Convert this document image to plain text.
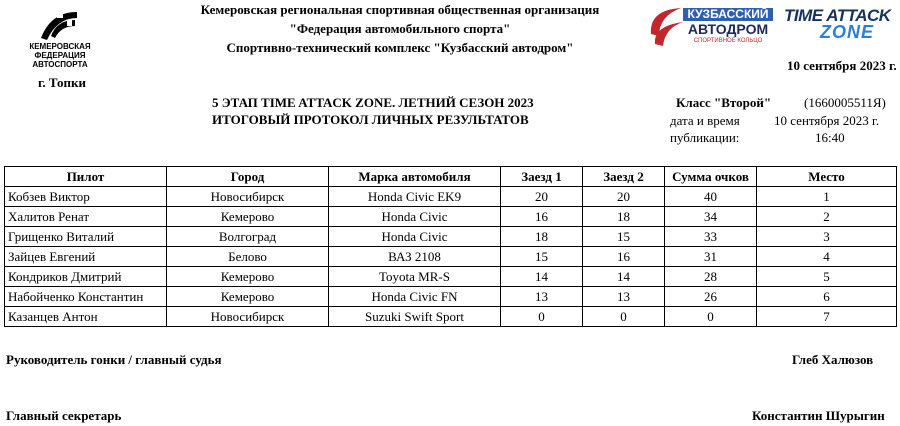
КЕМЕРОВСКАЯ
ФЕДЕРАЦИЯ АВТОСПОРТА
Кемеровская региональная спортивная общественная организация
"Федерация автомобильного спорта"
Спортивно-технический комплекс "Кузбасский автодром"
КУЗБАССКИЙ
АВТОДРОМ
СПОРТИВНОЕ КОЛЬЦО
TIME ATTACK
ZONE
10 сентября 2023 г.
г. Топки
5 ЭТАП TIME ATTACK ZONE. ЛЕТНИЙ СЕЗОН 2023
ИТОГОВЫЙ ПРОТОКОЛ ЛИЧНЫХ РЕЗУЛЬТАТОВ
Класс "Второй"	(1660005511Я)
дата и время	10 сентября 2023 г.
публикации:	16:40
Пилот	Город	Марка автомобиля	Заезд 1	Заезд 2	Сумма очков	Место
Кобзев Виктор	Новосибирск	Honda Civic EK9	20	20	40	1
Халитов Ренат	Кемерово	Honda Civic	16	18	34	2
Грищенко Виталий	Волгоград	Honda Civic	18	15	33	3
Зайцев Евгений	Белово	ВАЗ 2108	15	16	31	4
Кондриков Дмитрий	Кемерово	Toyota MR-S	14	14	28	5
Набойченко Константин	Кемерово	Honda Civic FN	13	13	26	6
Казанцев Антон	Новосибирск	Suzuki Swift Sport	0	0	0	7
Руководитель гонки / главный судья	Глеб Халюзов
Главный секретарь	Константин Шурыгин
